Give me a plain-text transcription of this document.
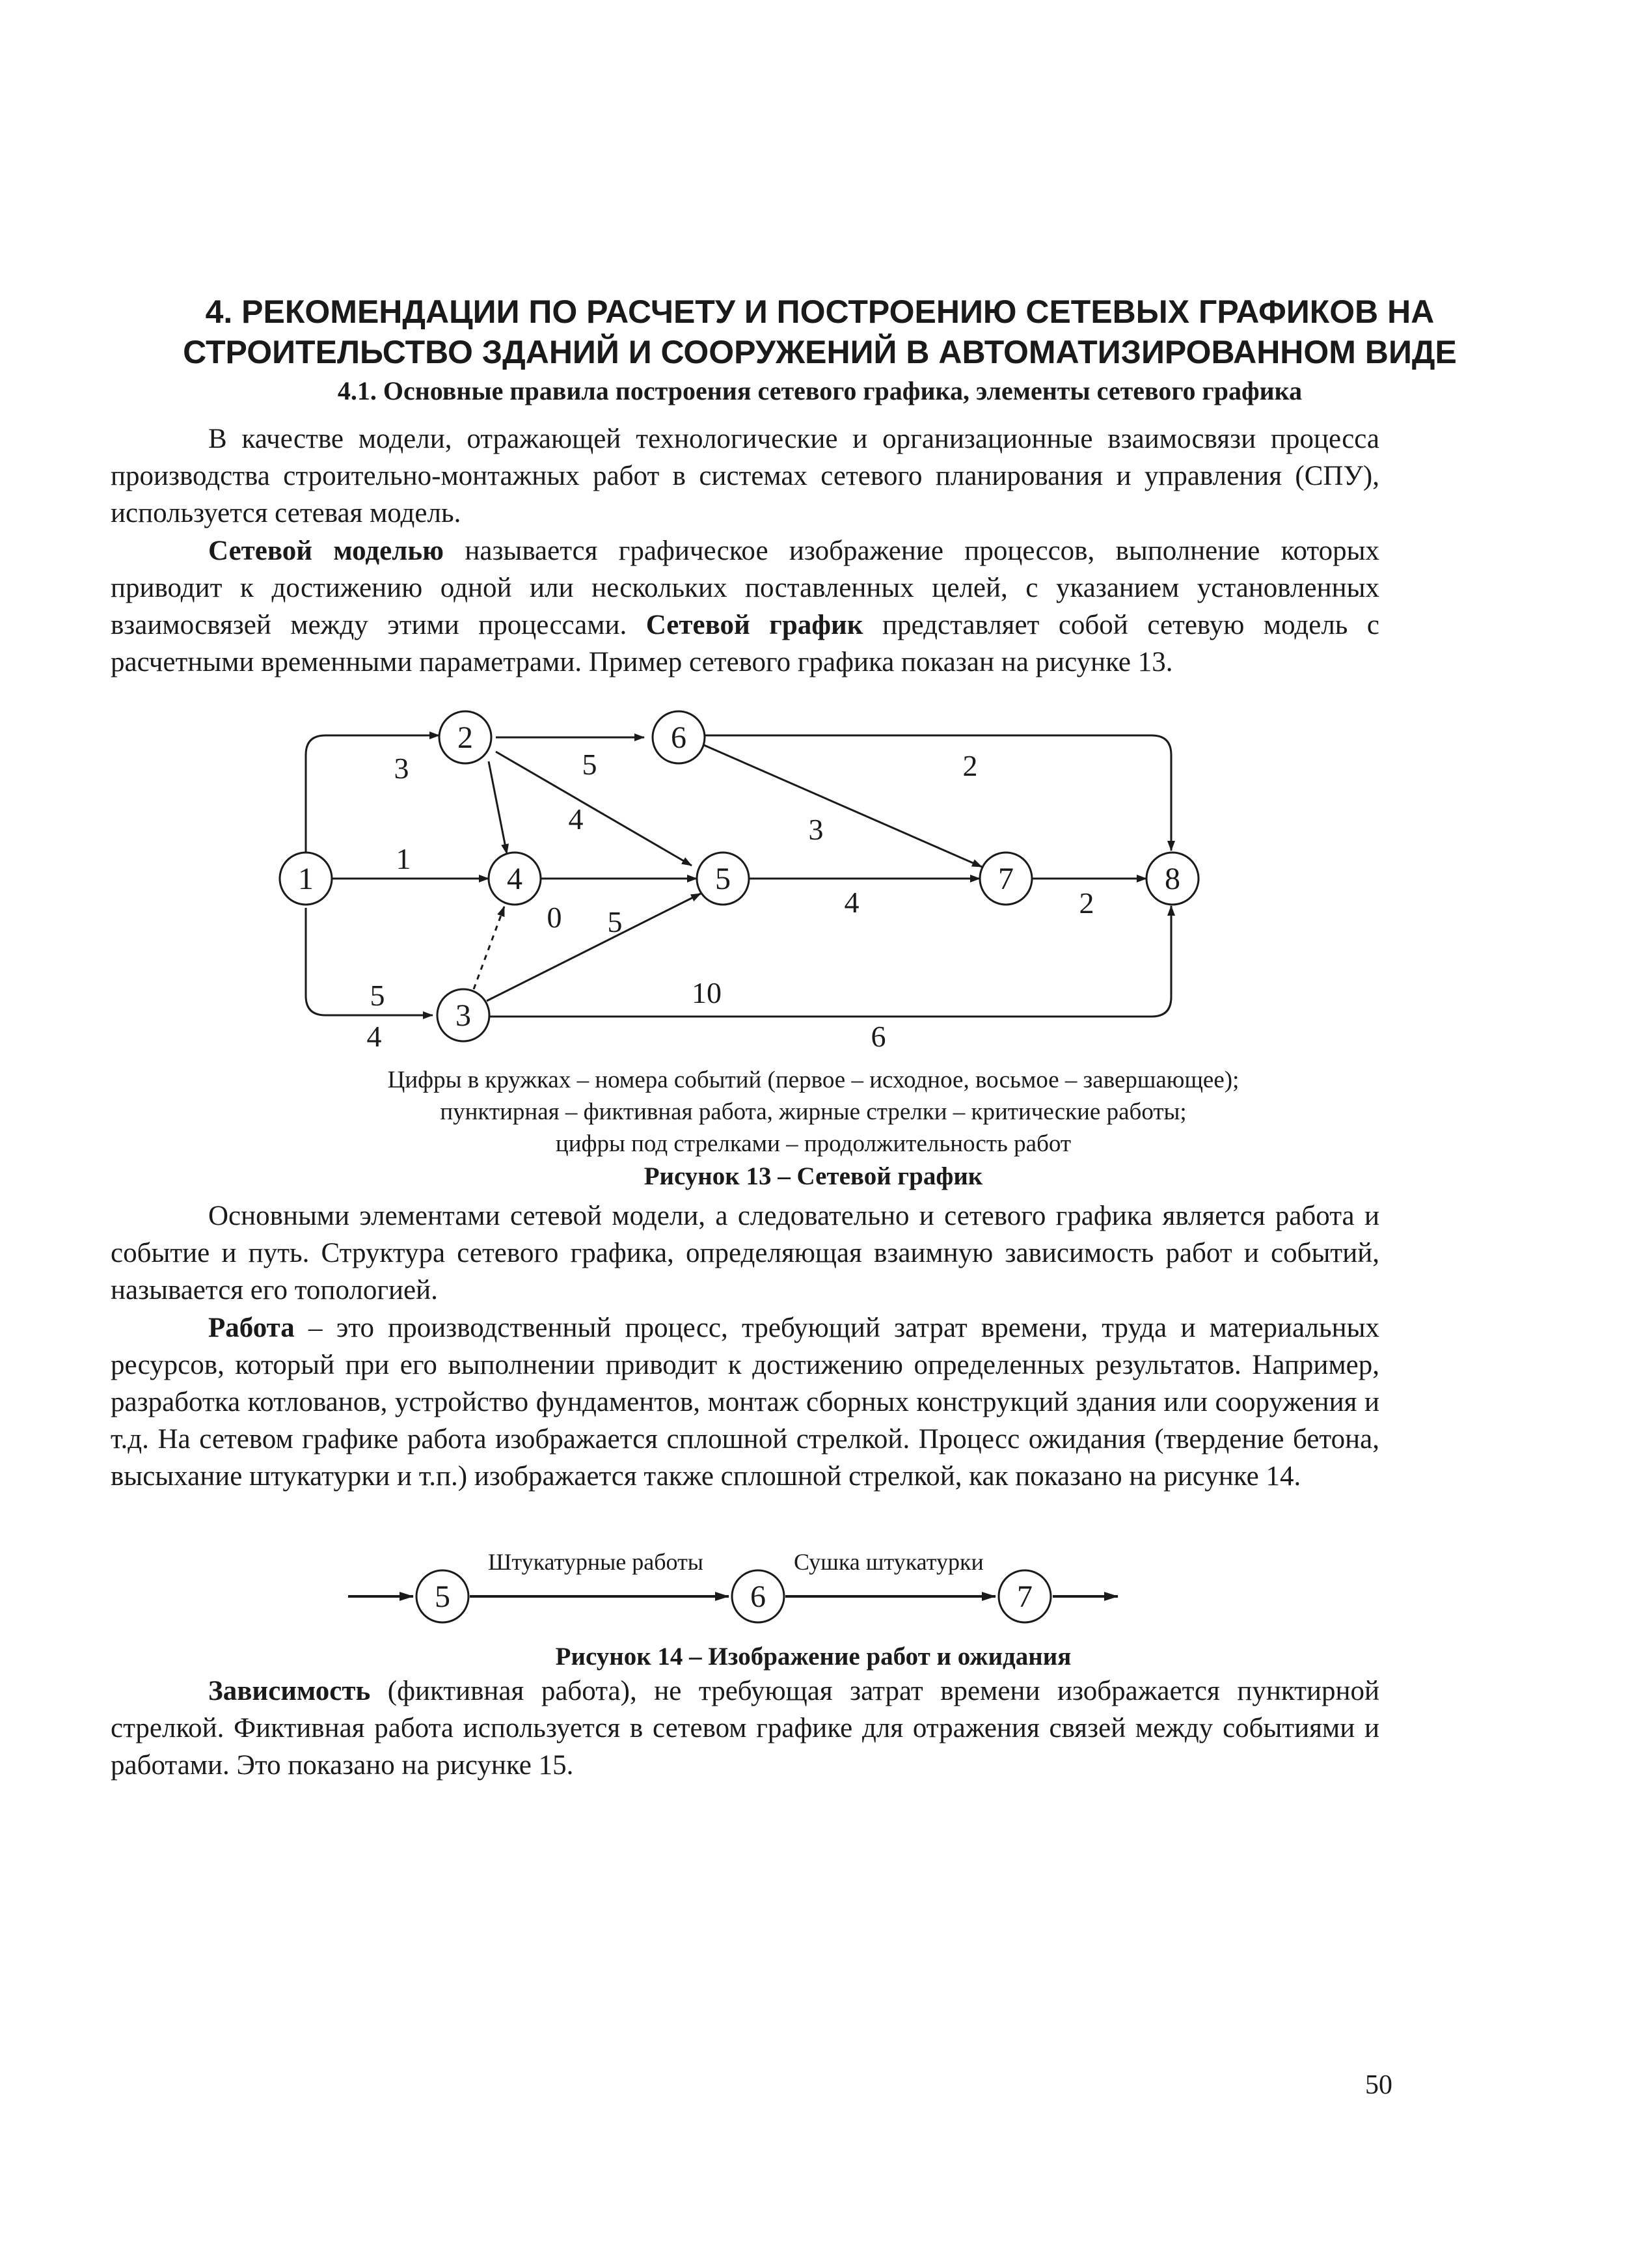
4. РЕКОМЕНДАЦИИ ПО РАСЧЕТУ И ПОСТРОЕНИЮ СЕТЕВЫХ ГРАФИКОВ НА
СТРОИТЕЛЬСТВО ЗДАНИЙ И СООРУЖЕНИЙ В АВТОМАТИЗИРОВАННОМ ВИДЕ
4.1. Основные правила построения сетевого графика, элементы сетевого графика

В качестве модели, отражающей технологические и организационные взаимосвязи процесса производства строительно-монтажных работ в системах сетевого планирования и управления (СПУ), используется сетевая модель.

Сетевой моделью называется графическое изображение процессов, выполнение которых приводит к достижению одной или нескольких поставленных целей, с указанием установленных взаимосвязей между этими процессами. Сетевой график представляет собой сетевую модель с расчетными временными параметрами. Пример сетевого графика показан на рисунке 13.

1
2
3
4	5
6
7	8
3
1
5
4
5
4
0 5
10
6
4
3
2
2
Цифры в кружках – номера событий (первое – исходное, восьмое – завершающее);
пунктирная – фиктивная работа, жирные стрелки – критические работы;
цифры под стрелками – продолжительность работ
Рисунок 13 – Сетевой график

Основными элементами сетевой модели, а следовательно и сетевого графика является работа и событие и путь. Структура сетевого графика, определяющая взаимную зависимость работ и событий, называется его топологией.

Работа – это производственный процесс, требующий затрат времени, труда и материальных ресурсов, который при его выполнении приводит к достижению определенных результатов. Например, разработка котлованов, устройство фундаментов, монтаж сборных конструкций здания или сооружения и т.д. На сетевом графике работа изображается сплошной стрелкой. Процесс ожидания (твердение бетона, высыхание штукатурки и т.п.) изображается также сплошной стрелкой, как показано на рисунке 14.

5	6	7
Штукатурные работы	Сушка штукатурки
Рисунок 14 – Изображение работ и ожидания

Зависимость (фиктивная работа), не требующая затрат времени изображается пунктирной стрелкой. Фиктивная работа используется в сетевом графике для отражения связей между событиями и работами. Это показано на рисунке 15.

50
